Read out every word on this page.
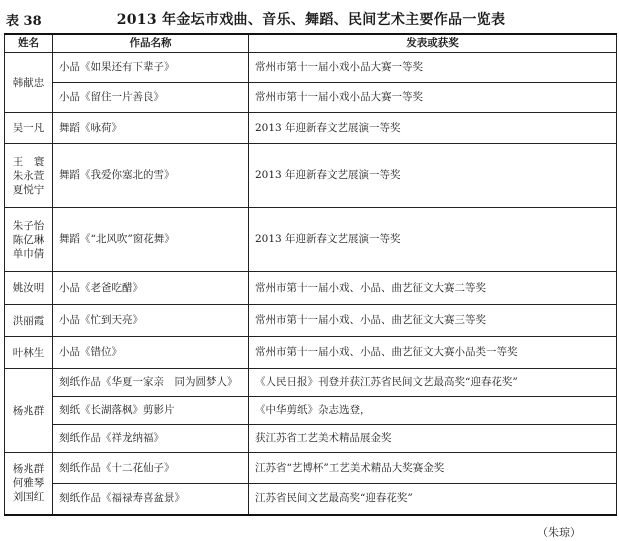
表 38	2013 年金坛市戏曲、音乐、舞蹈、民间艺术主要作品一览表
姓名	作品名称	发表或获奖

韩献忠	小品《如果还有下辈子》	常州市第十一届小戏小品大赛一等奖
	小品《留住一片善良》	常州市第十一届小戏小品大赛一等奖

吴一凡	舞蹈《咏荷》	2013 年迎新春文艺展演一等奖

王　寰
朱永萱
夏悦宁	舞蹈《我爱你塞北的雪》	2013 年迎新春文艺展演一等奖

朱子怡
陈亿琳
单巾倩	舞蹈《“北风吹”窗花舞》	2013 年迎新春文艺展演一等奖

姚汝明	小品《老爸吃醋》	常州市第十一届小戏、小品、曲艺征文大赛二等奖

洪丽霞	小品《忙到天亮》	常州市第十一届小戏、小品、曲艺征文大赛三等奖

叶林生	小品《错位》	常州市第十一届小戏、小品、曲艺征文大赛小品类一等奖

杨兆群	刻纸作品《华夏一家亲　同为圆梦人》	《人民日报》刊登并获江苏省民间文艺最高奖“迎春花奖”
	刻纸《长湖落枫》剪影片	《中华剪纸》杂志选登，
	刻纸作品《祥龙纳福》	获江苏省工艺美术精品展金奖

杨兆群
何雅琴
刘国红	刻纸作品《十二花仙子》	江苏省“艺博杯”工艺美术精品大奖赛金奖
	刻纸作品《福禄寿喜盆景》	江苏省民间文艺最高奖“迎春花奖”
（朱琼）
